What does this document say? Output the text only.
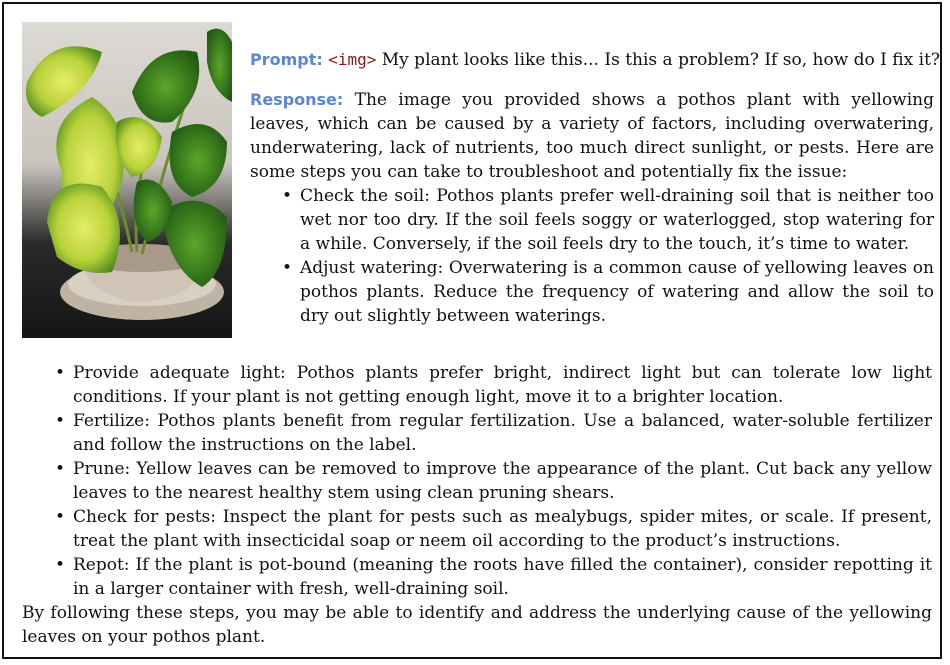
Prompt: <img> My plant looks like this... Is this a problem? If so, how do I fix it?
Response: The image you provided shows a pothos plant with yellowing leaves, which can be caused by a variety of factors, including overwatering, underwatering, lack of nutrients, too much direct sunlight, or pests. Here are some steps you can take to troubleshoot and potentially fix the issue:
• Check the soil: Pothos plants prefer well-draining soil that is neither too wet nor too dry. If the soil feels soggy or waterlogged, stop watering for a while. Conversely, if the soil feels dry to the touch, it’s time to water.
• Adjust watering: Overwatering is a common cause of yellowing leaves on pothos plants. Reduce the frequency of watering and allow the soil to dry out slightly between waterings.
• Provide adequate light: Pothos plants prefer bright, indirect light but can tolerate low light conditions. If your plant is not getting enough light, move it to a brighter location.
• Fertilize: Pothos plants benefit from regular fertilization. Use a balanced, water-soluble fertilizer and follow the instructions on the label.
• Prune: Yellow leaves can be removed to improve the appearance of the plant. Cut back any yellow leaves to the nearest healthy stem using clean pruning shears.
• Check for pests: Inspect the plant for pests such as mealybugs, spider mites, or scale. If present, treat the plant with insecticidal soap or neem oil according to the product’s instructions.
• Repot: If the plant is pot-bound (meaning the roots have filled the container), consider repotting it in a larger container with fresh, well-draining soil.
By following these steps, you may be able to identify and address the underlying cause of the yellowing leaves on your pothos plant.
